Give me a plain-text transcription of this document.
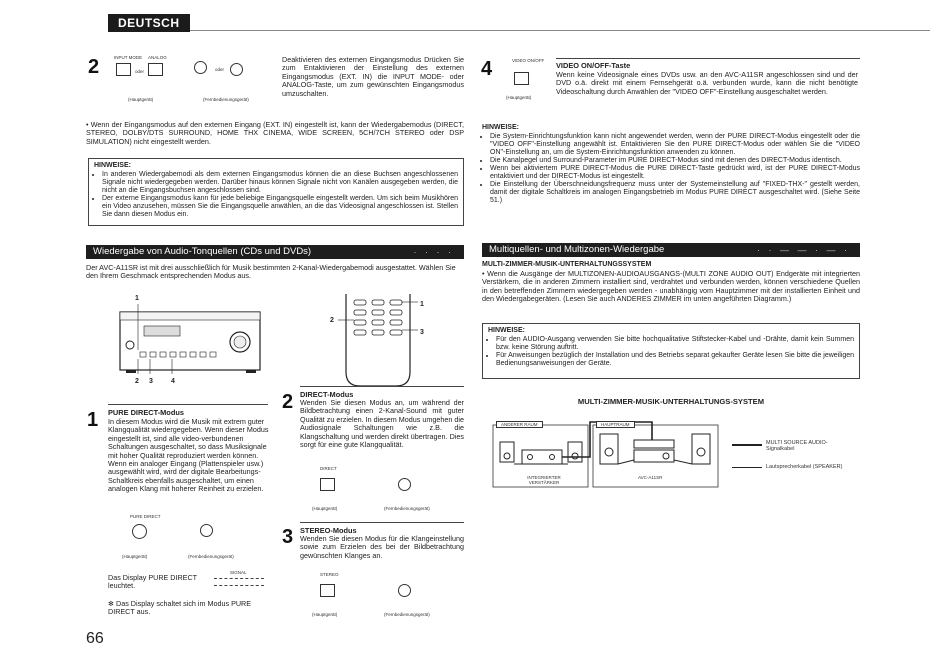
DEUTSCH
2	INPUT MODE ANALOG
oder	oder
(Hauptgerät)	(Fernbedienungsgerät)

Deaktivieren des externen Eingangsmodus Drücken Sie zum Entaktivieren der Einstellung des externen Eingangsmodus (EXT. IN) die INPUT MODE- oder ANALOG-Taste, um zum gewünschten Eingangsmodus umzuschalten.

• Wenn der Eingangsmodus auf den externen Eingang (EXT. IN) eingestellt ist, kann der Wiedergabemodus (DIRECT, STEREO, DOLBY/DTS SURROUND, HOME THX CINEMA, WIDE SCREEN, 5CH/7CH STEREO oder DSP SIMULATION) nicht eingestellt werden.

HINWEISE:

• In anderen Wiedergabemodi als dem externen Eingangsmodus können die an diese Buchsen angeschlossenen Signale nicht wiedergegeben werden. Darüber hinaus können Signale nicht von Kanälen ausgegeben werden, die nicht an die Eingangsbuchsen angeschlossen sind.
• Der externe Eingangsmodus kann für jede beliebige Eingangsquelle eingestellt werden. Um sich beim Musikhören ein Video anzusehen, müssen Sie die Eingangsquelle anwählen, an die das Videosignal angeschlossen ist. Stellen Sie dann diesen Modus ein.
4	VIDEO ON/OFF
(Hauptgerät)

VIDEO ON/OFF-Taste

Wenn keine Videosignale eines DVDs usw. an den AVC-A11SR angeschlossen sind und der DVD o.ä. direkt mit einem Fernsehgerät o.ä. verbunden wurde, kann die nicht benötigte Videoschaltung durch Anwählen der "VIDEO OFF"-Einstellung ausgeschaltet werden.

HINWEISE:

• Die System-Einrichtungsfunktion kann nicht angewendet werden, wenn der PURE DIRECT-Modus eingestellt oder die "VIDEO OFF"-Einstellung angewählt ist. Entaktivieren Sie den PURE DIRECT-Modus oder wählen Sie die "VIDEO ON"-Einstellung an, um die System-Einrichtungsfunktion anwenden zu können.
• Die Kanalpegel und Surround-Parameter im PURE DIRECT-Modus sind mit denen des DIRECT-Modus identisch.
• Wenn bei aktiviertem PURE DIRECT-Modus die PURE DIRECT-Taste gedrückt wird, ist der PURE DIRECT-Modus entaktiviert und der DIRECT-Modus ist eingestellt.
• Die Einstellung der Überschneidungsfrequenz muss unter der Systemeinstellung auf "FIXED-THX-" gestellt werden, damit der digitale Schaltkreis im analogen Eingangsbetrieb im Modus PURE DIRECT ausgeschaltet wird. (Siehe Seite 51.)
Wiedergabe von Audio-Tonquellen (CDs und DVDs)	· · · ·

Der AVC-A11SR ist mit drei ausschließlich für Musik bestimmten 2-Kanal-Wiedergabemodi ausgestattet. Wählen Sie den Ihrem Geschmack entsprechenden Modus aus.

1
2 3	4
1
2
3
1 PURE DIRECT-Modus

In diesem Modus wird die Musik mit extrem guter Klangqualität wiedergegeben. Wenn dieser Modus eingestellt ist, sind alle video-verbundenen Schaltungen ausgeschaltet, so dass Musiksignale mit hoher Qualität reproduziert werden können. Wenn ein analoger Eingang (Plattenspieler usw.) ausgewählt wird, wird der digitale Bearbeitungs-Schaltkreis ebenfalls ausgeschaltet, um einen analogen Klang mit hoherer Reinheit zu erzielen.

PURE DIRECT
(Hauptgerät)	(Fernbedienungsgerät)

Das Display PURE DIRECT leuchtet.

SIGNAL

✻ Das Display schaltet sich im Modus PURE DIRECT aus.

2 DIRECT-Modus

Wenden Sie diesen Modus an, um während der Bildbetrachtung einen 2-Kanal-Sound mit guter Qualität zu erzielen. In diesem Modus umgehen die Audiosignale Schaltungen wie z.B. die Klangschaltung und werden direkt übertragen. Dies sorgt für eine gute Klangqualität.

DIRECT
(Hauptgerät)	(Fernbedienungsgerät)
3 STEREO-Modus

Wenden Sie diesen Modus für die Klangeinstellung sowie zum Erzielen des bei der Bildbetrachtung gewünschten Klanges an.

STEREO
(Hauptgerät)	(Fernbedienungsgerät)
Multiquellen- und Multizonen-Wiedergabe	· · — — · — ·

MULTI-ZIMMER-MUSIK-UNTERHALTUNGSSYSTEM

• Wenn die Ausgänge der MULTIZONEN-AUDIOAUSGANGS-(MULTI ZONE AUDIO OUT) Endgeräte mit integrierten Verstärkern, die in anderen Zimmern installiert sind, verdrahtet und verbunden werden, können verschiedene Quellen in den betreffenden Zimmern wiedergegeben werden - unabhängig vom Hauptzimmer mit der installierten Einheit und den Wiedergabegeräten. (Lesen Sie auch ANDERES ZIMMER im unten angeführten Diagramm.)

HINWEISE:

• Für den AUDIO-Ausgang verwenden Sie bitte hochqualitative Stiftstecker-Kabel und -Drähte, damit kein Summen bzw. keine Störung auftritt.
• Für Anweisungen bezüglich der Installation und des Betriebs separat gekaufter Geräte lesen Sie bitte die jeweiligen Bedienungsanweisungen der Geräte.

MULTI-ZIMMER-MUSIK-UNTERHALTUNGS-SYSTEM

ANDERER RAUM	HAUPTRAUM
INTEGRIERTER VERSTÄRKER
AVC-A11SR
MULTI SOURCE AUDIO-Signalkabel
Lautsprecherkabel (SPEAKER)
66
